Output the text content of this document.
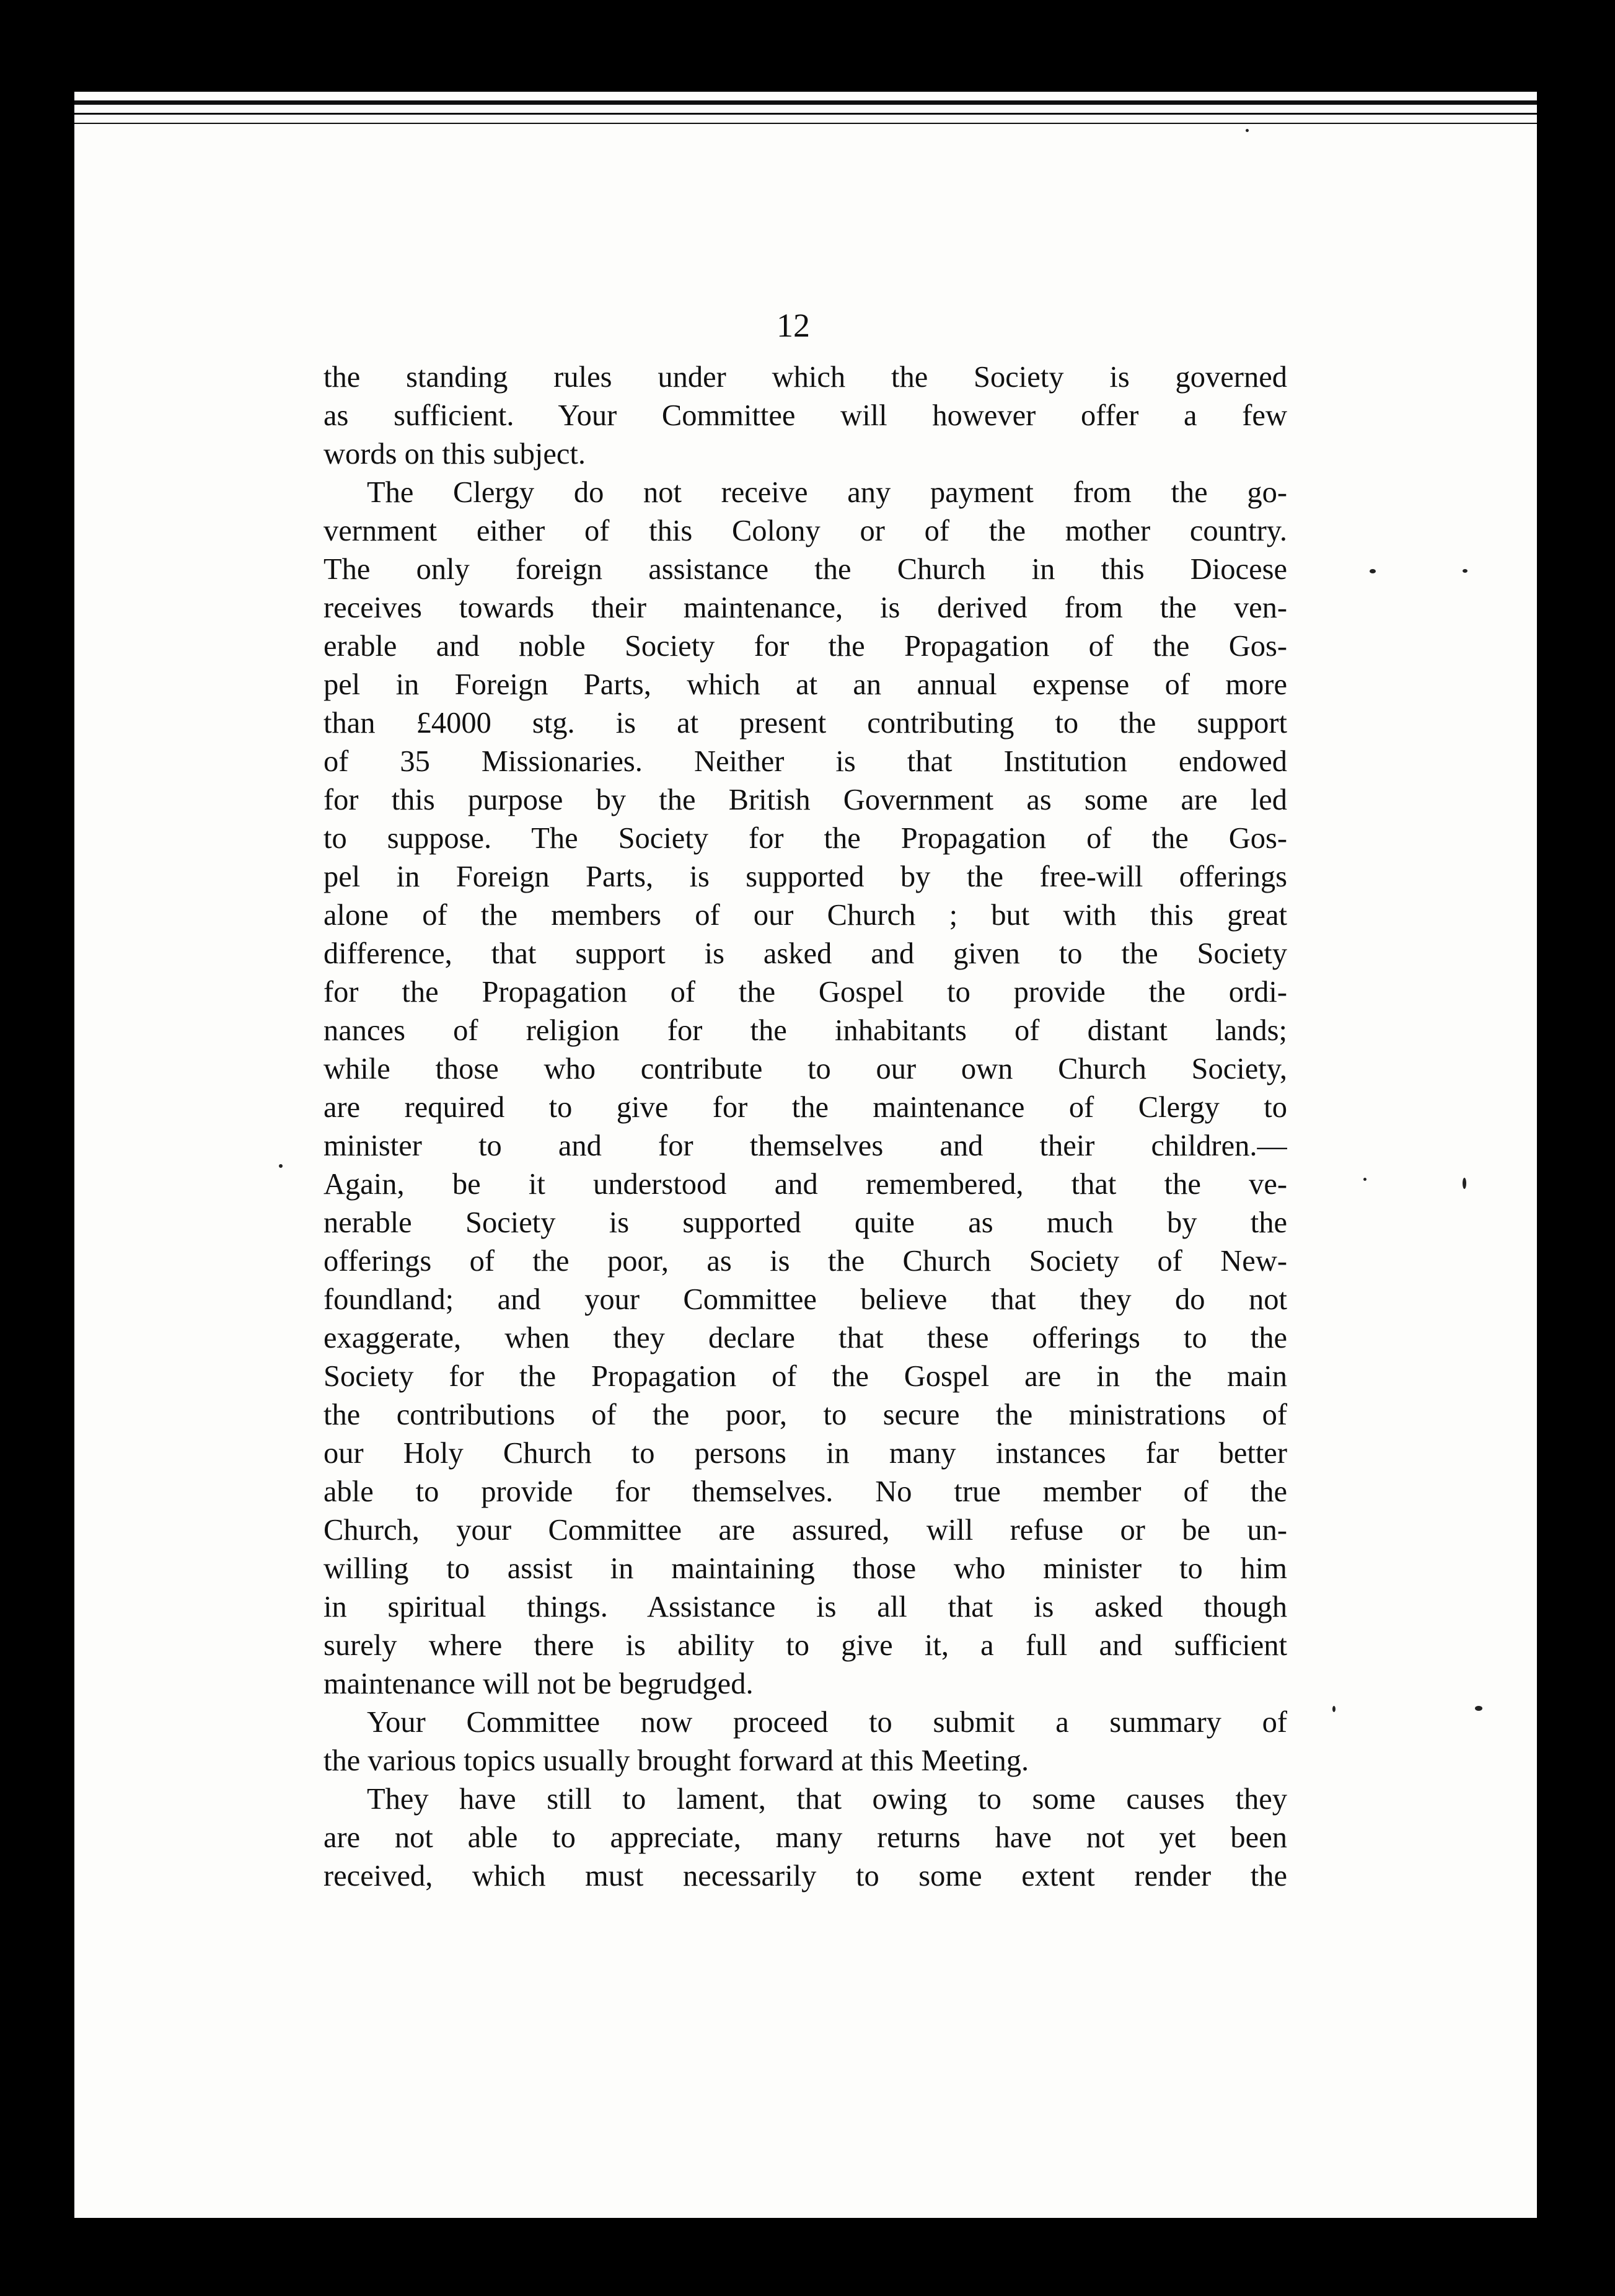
12
the standing rules under which the Society is governed
as sufficient. Your Committee will however offer a few
words on this subject.
The Clergy do not receive any payment from the go-
vernment either of this Colony or of the mother country.
The only foreign assistance the Church in this Diocese
receives towards their maintenance, is derived from the ven-
erable and noble Society for the Propagation of the Gos-
pel in Foreign Parts, which at an annual expense of more
than £4000 stg. is at present contributing to the support
of 35 Missionaries. Neither is that Institution endowed
for this purpose by the British Government as some are led
to suppose. The Society for the Propagation of the Gos-
pel in Foreign Parts, is supported by the free-will offerings
alone of the members of our Church ; but with this great
difference, that support is asked and given to the Society
for the Propagation of the Gospel to provide the ordi-
nances of religion for the inhabitants of distant lands;
while those who contribute to our own Church Society,
are required to give for the maintenance of Clergy to
minister to and for themselves and their children.—
Again, be it understood and remembered, that the ve-
nerable Society is supported quite as much by the
offerings of the poor, as is the Church Society of New-
foundland; and your Committee believe that they do not
exaggerate, when they declare that these offerings to the
Society for the Propagation of the Gospel are in the main
the contributions of the poor, to secure the ministrations of
our Holy Church to persons in many instances far better
able to provide for themselves. No true member of the
Church, your Committee are assured, will refuse or be un-
willing to assist in maintaining those who minister to him
in spiritual things. Assistance is all that is asked though
surely where there is ability to give it, a full and sufficient
maintenance will not be begrudged.
Your Committee now proceed to submit a summary of
the various topics usually brought forward at this Meeting.
They have still to lament, that owing to some causes they
are not able to appreciate, many returns have not yet been
received, which must necessarily to some extent render the
